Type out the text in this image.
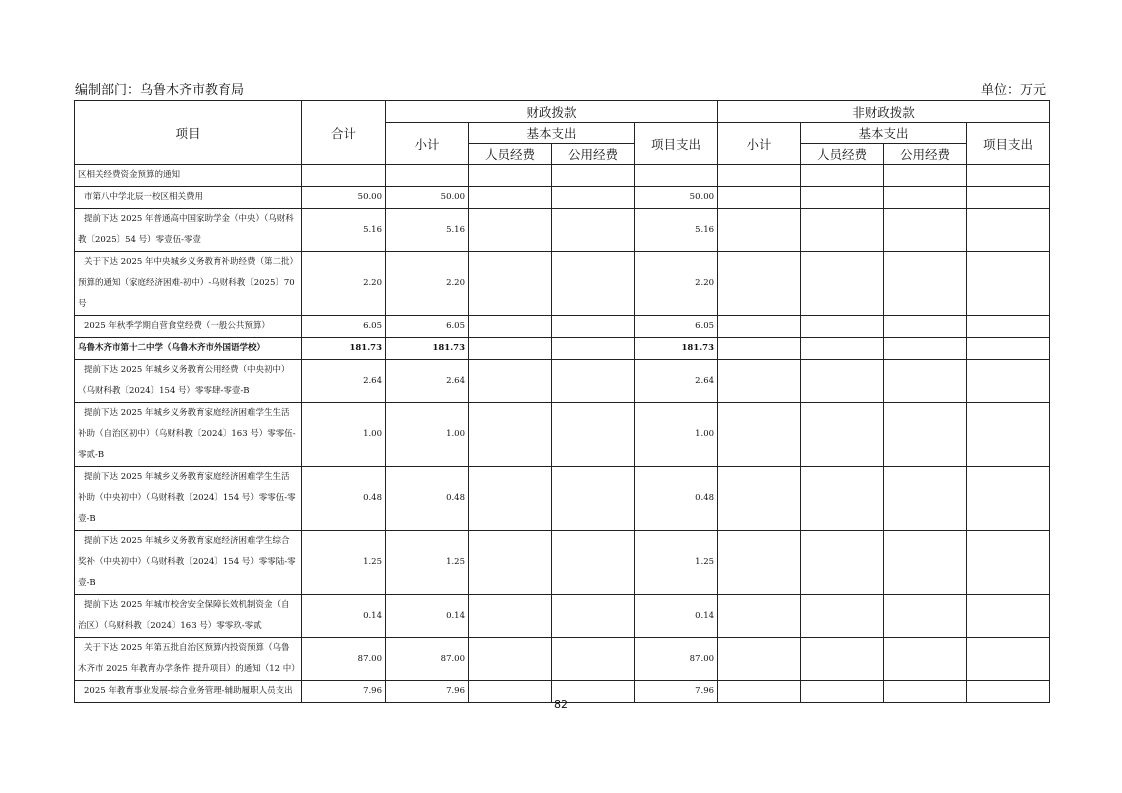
编制部门：乌鲁木齐市教育局	单位：万元
项目	合计	财政拨款				非财政拨款			
		小计	基本支出		项目支出	小计	基本支出		项目支出
			人员经费	公用经费			人员经费	公用经费	
区相关经费资金预算的通知									
市第八中学北辰一校区相关费用	50.00	50.00			50.00				
提前下达 2025 年普通高中国家助学金（中央）（乌财科教〔2025〕54 号）零壹伍-零壹	5.16	5.16			5.16				
关于下达 2025 年中央城乡义务教育补助经费（第二批）预算的通知（家庭经济困难-初中）-乌财科教〔2025〕70 号	2.20	2.20			2.20				
2025 年秋季学期自营食堂经费（一般公共预算）	6.05	6.05			6.05				
乌鲁木齐市第十二中学（乌鲁木齐市外国语学校）	181.73	181.73			181.73				
提前下达 2025 年城乡义务教育公用经费（中央初中）（乌财科教〔2024〕154 号）零零肆-零壹-B	2.64	2.64			2.64				
提前下达 2025 年城乡义务教育家庭经济困难学生生活补助（自治区初中）（乌财科教〔2024〕163 号）零零伍-零贰-B	1.00	1.00			1.00				
提前下达 2025 年城乡义务教育家庭经济困难学生生活补助（中央初中）（乌财科教〔2024〕154 号）零零伍-零壹-B	0.48	0.48			0.48				
提前下达 2025 年城乡义务教育家庭经济困难学生综合奖补（中央初中）（乌财科教〔2024〕154 号）零零陆-零壹-B	1.25	1.25			1.25				
提前下达 2025 年城市校舍安全保障长效机制资金（自治区）（乌财科教〔2024〕163 号）零零玖-零贰	0.14	0.14			0.14				
关于下达 2025 年第五批自治区预算内投资预算（乌鲁木齐市 2025 年教育办学条件 提升项目）的通知（12 中）	87.00	87.00			87.00				
2025 年教育事业发展-综合业务管理-辅助履职人员支出	7.96	7.96			7.96				
82
